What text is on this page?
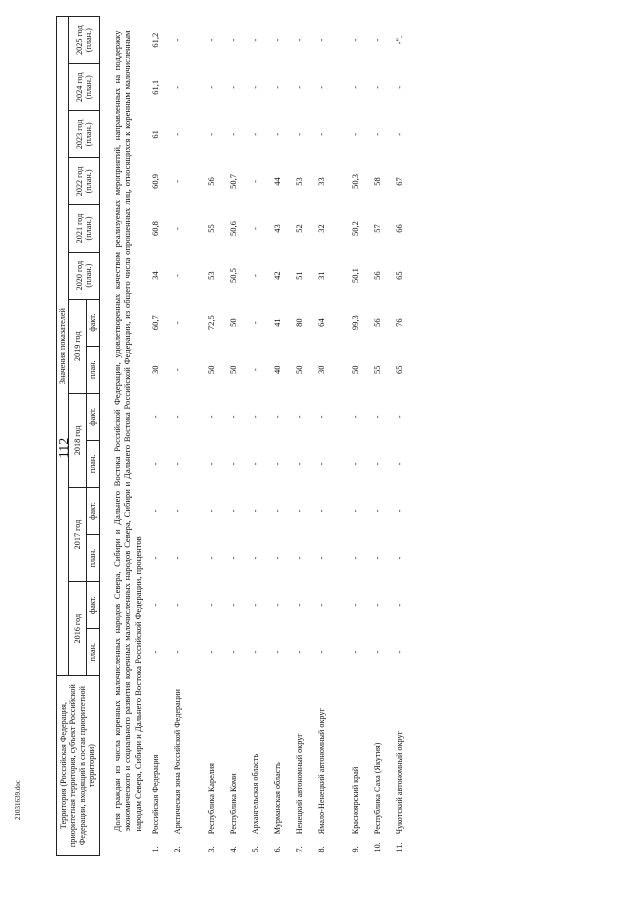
112
21031639.doc	Территория (Российская Федерация, приоритетная территория, субъект Российской Федерации, входящий в состав приоритетной территории)		Значения показателей													
		2016 год		2017 год		2018 год		2019 год		2020 год (план.)	2021 год (план.)	2022 год (план.)	2023 год (план.)	2024 год (план.)	2025 год (план.)
		план.	факт.	план.	факт.	план.	факт.	план.	факт.						

Доля граждан из числа коренных малочисленных народов Севера, Сибири и Дальнего Востока Российской Федерации, удовлетворенных качеством реализуемых мероприятий, направленных на поддержку экономического и социального развития коренных малочисленных народов Севера, Сибири и Дальнего Востока Российской Федерации, из общего числа опрошенных лиц, относящихся к коренным малочисленным народам Севера, Сибири и Дальнего Востока Российской Федерации, процентов															
1.	Российская Федерация	-	-	-	-	-	-	30	60,7	34	60,8	60,9	61	61,1	61,2
2.	Арктическая зона Российской Федерации	-	-	-	-	-	-	-	-	-	-	-	-	-	-
3.	Республика Карелия	-	-	-	-	-	-	50	72,5	53	55	56	-	-	-
4.	Республика Коми	-	-	-	-	-	-	50	50	50,5	50,6	50,7	-	-	-
5.	Архангельская область	-	-	-	-	-	-	-	-	-	-	-	-	-	-
6.	Мурманская область	-	-	-	-	-	-	40	41	42	43	44	-	-	-
7.	Ненецкий автономный округ	-	-	-	-	-	-	50	80	51	52	53	-	-	-
8.	Ямало-Ненецкий автономный округ	-	-	-	-	-	-	30	64	31	32	33	-	-	-
9.	Красноярский край	-	-	-	-	-	-	50	99,3	50,1	50,2	50,3	-	-	-
10.	Республика Саха (Якутия)	-	-	-	-	-	-	55	56	56	57	58	-	-	-
11.	Чукотский автономный округ	-	-	-	-	-	-	65	76	65	66	67	-	-	-".
